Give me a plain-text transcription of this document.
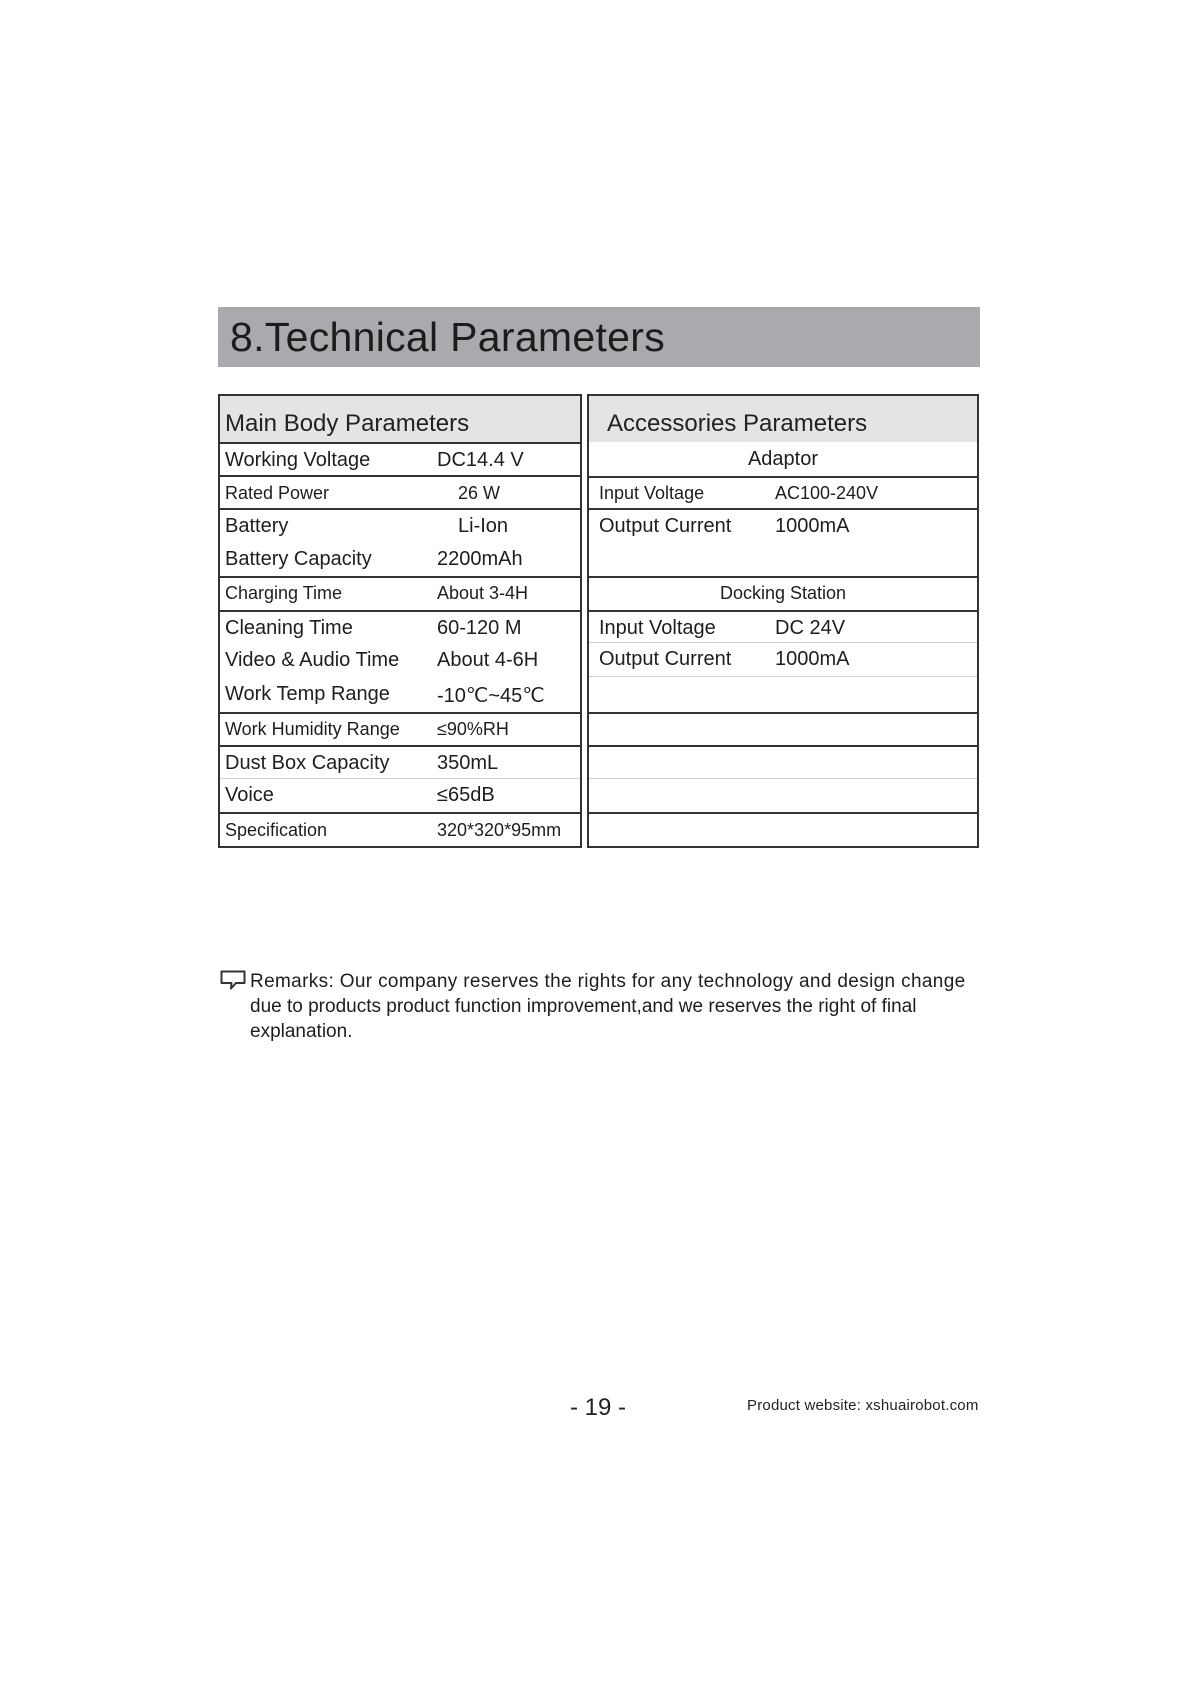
8.Technical Parameters
Main Body Parameters
Working Voltage	DC14.4 V
Rated Power	26 W
Battery	Li-Ion
Battery Capacity	2200mAh
Charging Time	About 3-4H
Cleaning Time	60-120 M
Video & Audio Time About 4-6H
Work Temp Range -10℃~45℃
Work Humidity Range ≤90%RH
Dust Box Capacity 350mL
Voice	≤65dB
Specification	320*320*95mm
Accessories Parameters
Adaptor
Input Voltage	AC100-240V
Output Current 1000mA
Docking Station
Input Voltage	DC 24V
Output Current 1000mA
Remarks: Our company reserves the rights for any technology and design change
due to products product function improvement,and we reserves the right of final
explanation.
- 19 -	Product website: xshuairobot.com
